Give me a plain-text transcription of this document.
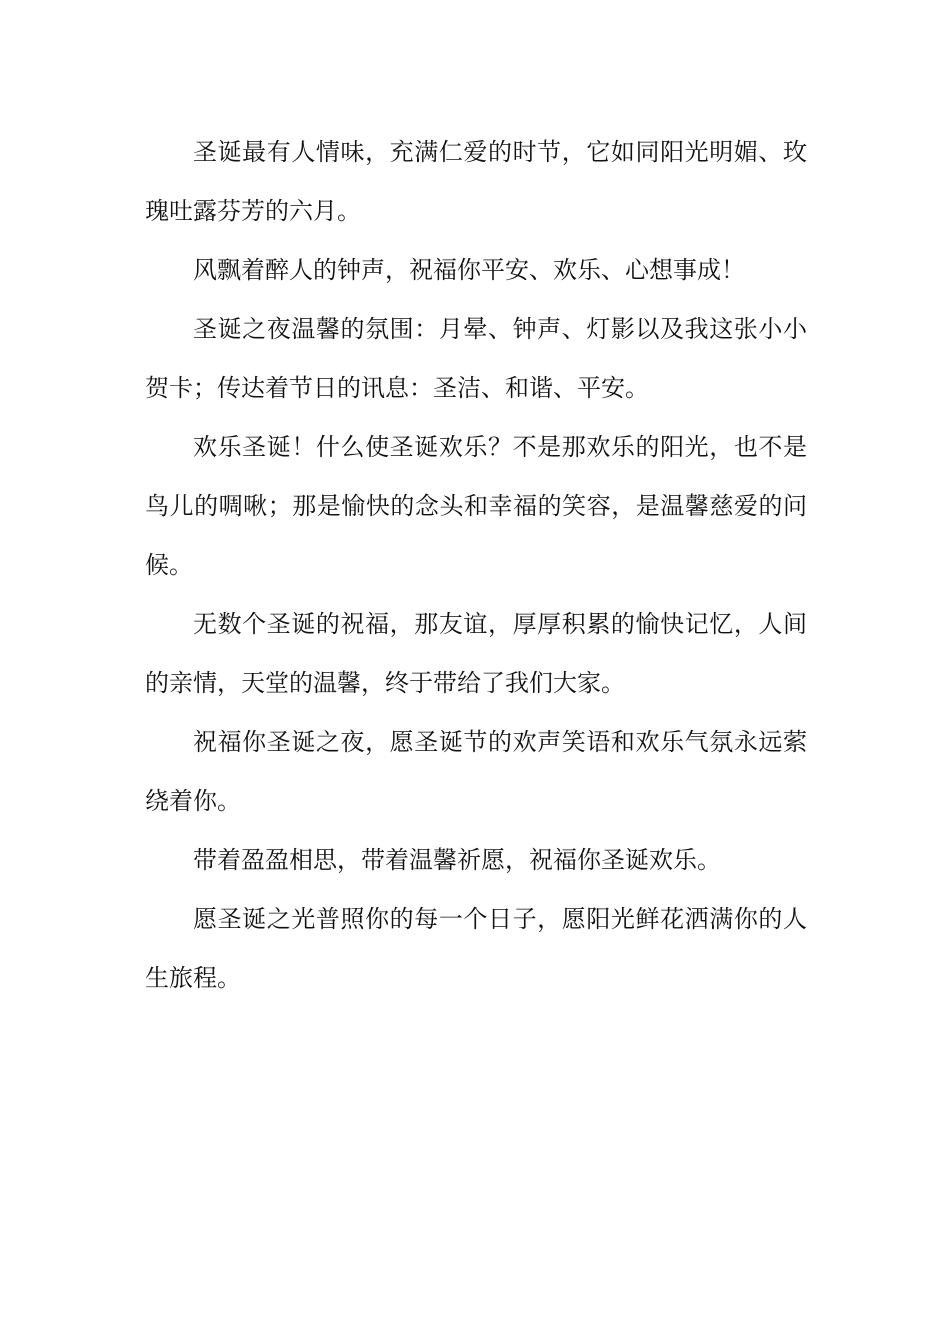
圣诞最有人情味，充满仁爱的时节，它如同阳光明媚、玫瑰吐露芬芳的六月。

风飘着醉人的钟声，祝福你平安、欢乐、心想事成！

圣诞之夜温馨的氛围：月晕、钟声、灯影以及我这张小小贺卡；传达着节日的讯息：圣洁、和谐、平安。

欢乐圣诞！什么使圣诞欢乐？不是那欢乐的阳光，也不是鸟儿的啁啾；那是愉快的念头和幸福的笑容，是温馨慈爱的问候。

无数个圣诞的祝福，那友谊，厚厚积累的愉快记忆，人间的亲情，天堂的温馨，终于带给了我们大家。

祝福你圣诞之夜，愿圣诞节的欢声笑语和欢乐气氛永远萦绕着你。

带着盈盈相思，带着温馨祈愿，祝福你圣诞欢乐。

愿圣诞之光普照你的每一个日子，愿阳光鲜花洒满你的人生旅程。
